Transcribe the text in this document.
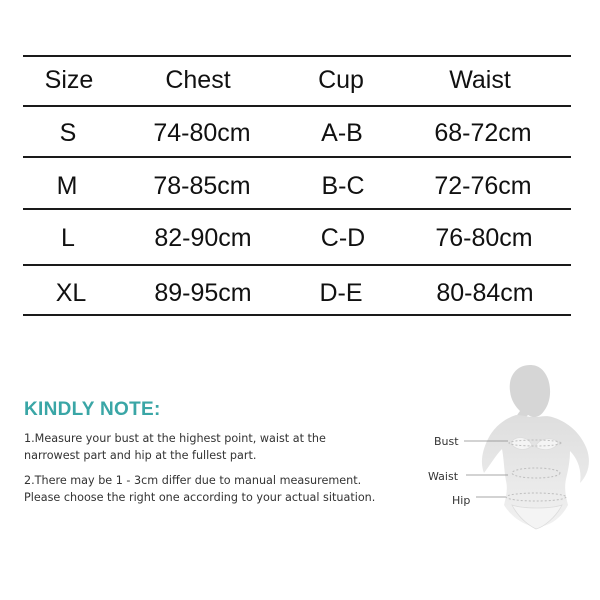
Size	Chest	Cup	Waist
S	74-80cm	A-B	68-72cm
M	78-85cm	B-C	72-76cm
L	82-90cm	C-D	76-80cm
XL	89-95cm	D-E	80-84cm
KINDLY NOTE:
1.Measure your bust at the highest point, waist at the
narrowest part and hip at the fullest part.
2.There may be 1 - 3cm differ due to manual measurement.
Please choose the right one according to your actual situation.
Bust
Waist
Hip
